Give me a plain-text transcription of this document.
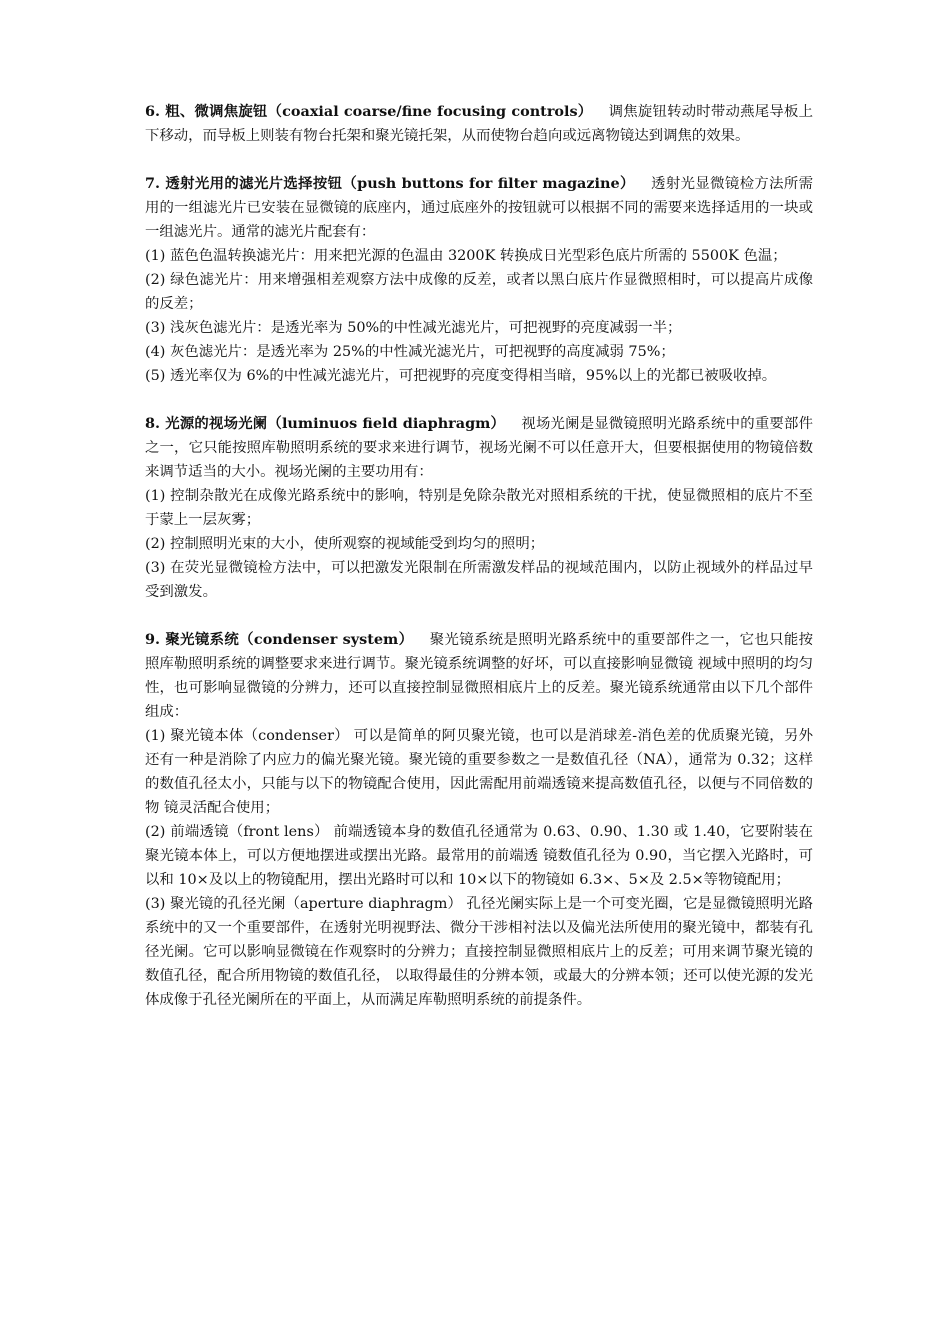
6. 粗、微调焦旋钮（coaxial coarse/fine focusing controls） 调焦旋钮转动时带动燕尾导板上下移动，而导板上则装有物台托架和聚光镜托架，从而使物台趋向或远离物镜达到调焦的效果。

7. 透射光用的滤光片选择按钮（push buttons for filter magazine） 透射光显微镜检方法所需用的一组滤光片已安装在显微镜的底座内，通过底座外的按钮就可以根据不同的需要来选择适用的一块或一组滤光片。通常的滤光片配套有：

(1) 蓝色色温转换滤光片：用来把光源的色温由 3200K 转换成日光型彩色底片所需的 5500K 色温；

(2) 绿色滤光片：用来增强相差观察方法中成像的反差，或者以黑白底片作显微照相时，可以提高片成像的反差；

(3) 浅灰色滤光片：是透光率为 50%的中性减光滤光片，可把视野的亮度减弱一半；

(4) 灰色滤光片：是透光率为 25%的中性减光滤光片，可把视野的高度减弱 75%；

(5) 透光率仅为 6%的中性减光滤光片，可把视野的亮度变得相当暗，95%以上的光都已被吸收掉。

8. 光源的视场光阑（luminuos field diaphragm） 视场光阑是显微镜照明光路系统中的重要部件之一，它只能按照库勒照明系统的要求来进行调节，视场光阑不可以任意开大，但要根据使用的物镜倍数来调节适当的大小。视场光阑的主要功用有：

(1) 控制杂散光在成像光路系统中的影响，特别是免除杂散光对照相系统的干扰，使显微照相的底片不至于蒙上一层灰雾；

(2) 控制照明光束的大小，使所观察的视域能受到均匀的照明；

(3) 在荧光显微镜检方法中，可以把激发光限制在所需激发样品的视域范围内，以防止视域外的样品过早受到激发。

9. 聚光镜系统（condenser system） 聚光镜系统是照明光路系统中的重要部件之一，它也只能按照库勒照明系统的调整要求来进行调节。聚光镜系统调整的好坏，可以直接影响显微镜 视域中照明的均匀性，也可影响显微镜的分辨力，还可以直接控制显微照相底片上的反差。聚光镜系统通常由以下几个部件组成：

(1) 聚光镜本体（condenser） 可以是简单的阿贝聚光镜，也可以是消球差-消色差的优质聚光镜，另外还有一种是消除了内应力的偏光聚光镜。聚光镜的重要参数之一是数值孔径（NA），通常为 0.32；这样的数值孔径太小，只能与以下的物镜配合使用，因此需配用前端透镜来提高数值孔径，以便与不同倍数的物 镜灵活配合使用；

(2) 前端透镜（front lens） 前端透镜本身的数值孔径通常为 0.63、0.90、1.30 或 1.40，它要附装在聚光镜本体上，可以方便地摆进或摆出光路。最常用的前端透 镜数值孔径为 0.90，当它摆入光路时，可以和 10×及以上的物镜配用，摆出光路时可以和 10×以下的物镜如 6.3×、5×及 2.5×等物镜配用；

(3) 聚光镜的孔径光阑（aperture diaphragm） 孔径光阑实际上是一个可变光圈，它是显微镜照明光路系统中的又一个重要部件，在透射光明视野法、微分干涉相衬法以及偏光法所使用的聚光镜中，都装有孔径光阑。它可以影响显微镜在作观察时的分辨力；直接控制显微照相底片上的反差；可用来调节聚光镜的数值孔径，配合所用物镜的数值孔径， 以取得最佳的分辨本领，或最大的分辨本领；还可以使光源的发光体成像于孔径光阑所在的平面上，从而满足库勒照明系统的前提条件。
